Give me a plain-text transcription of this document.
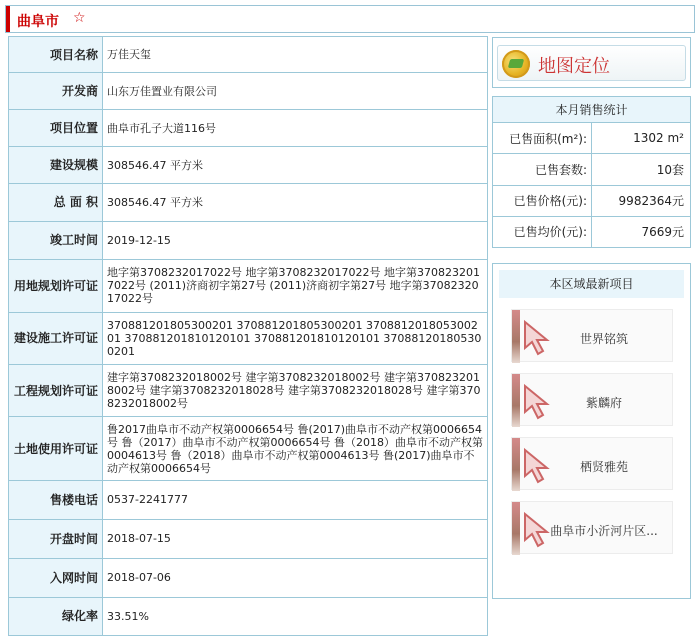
曲阜市 ☆
项目名称	万佳天玺
开发商	山东万佳置业有限公司
项目位置	曲阜市孔子大道116号
建设规模	308546.47 平方米
总 面 积	308546.47 平方米
竣工时间	2019-12-15
用地规划许可证	地字第3708232017022号 地字第3708232017022号 地字第3708232017022号 (2011)济商初字第27号 (2011)济商初字第27号 地字第3708232017022号
建设施工许可证	370881201805300201 370881201805300201 370881201805300201 370881201810120101 370881201810120101 370881201805300201
工程规划许可证	建字第3708232018002号 建字第3708232018002号 建字第3708232018002号 建字第3708232018028号 建字第3708232018028号 建字第3708232018002号
土地使用许可证	鲁2017曲阜市不动产权第0006654号 鲁(2017)曲阜市不动产权第0006654号 鲁（2017）曲阜市不动产权第0006654号 鲁（2018）曲阜市不动产权第0004613号 鲁（2018）曲阜市不动产权第0004613号 鲁(2017)曲阜市不动产权第0006654号
售楼电话	0537-2241777
开盘时间	2018-07-15
入网时间	2018-07-06
绿化率	33.51%
地图定位
本月销售统计	
已售面积(m²):	1302 m²
已售套数:	10套
已售价格(元):	9982364元
已售均价(元):	7669元
本区域最新项目
世界铭筑
紫麟府
栖贤雅苑
曲阜市小沂河片区...
